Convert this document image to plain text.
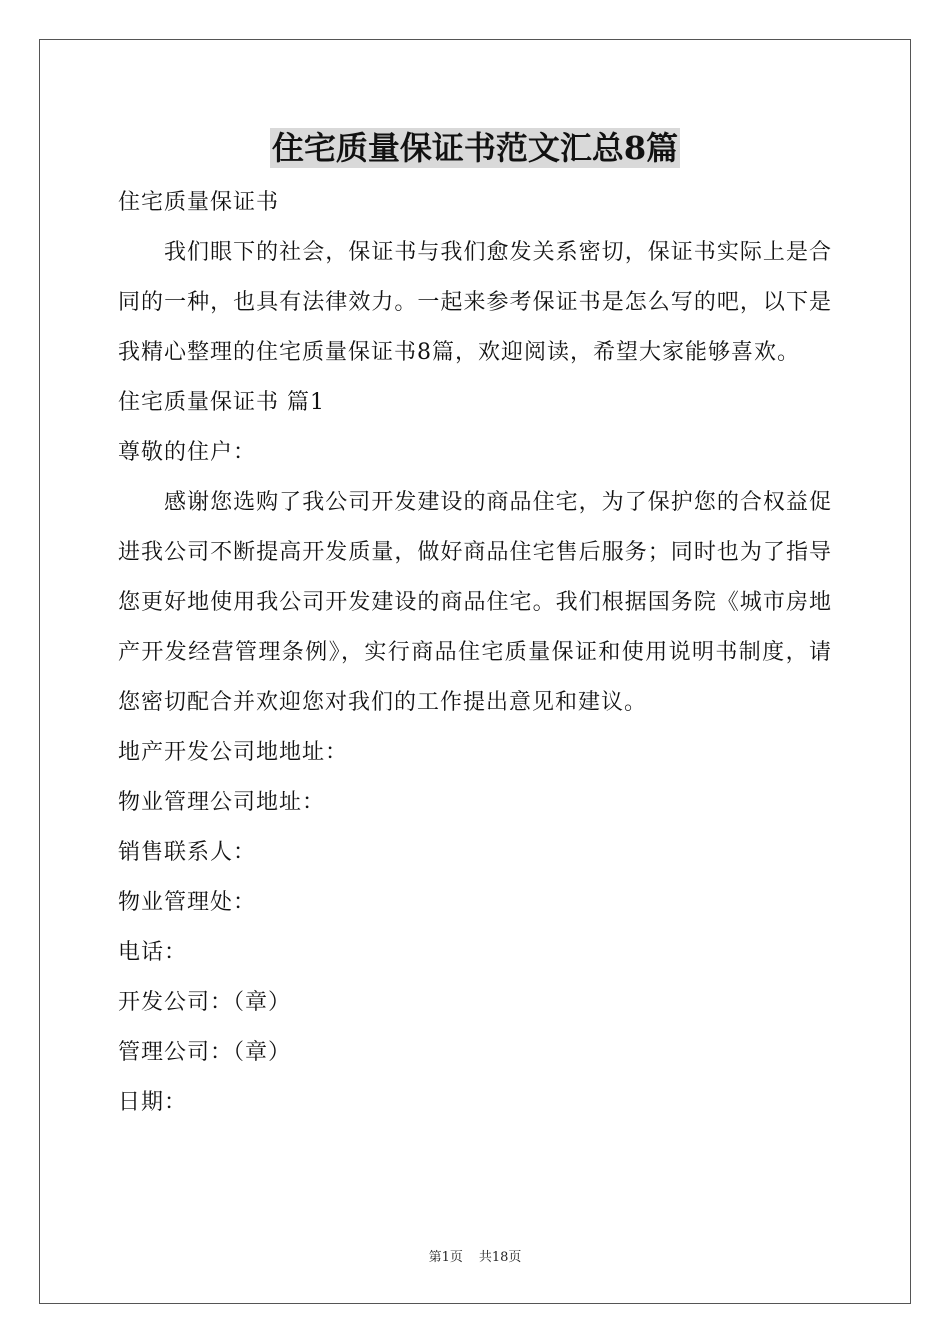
住宅质量保证书范文汇总8篇

住宅质量保证书

我们眼下的社会，保证书与我们愈发关系密切，保证书实际上是合同的一种，也具有法律效力。一起来参考保证书是怎么写的吧，以下是我精心整理的住宅质量保证书8篇，欢迎阅读，希望大家能够喜欢。

住宅质量保证书 篇1

尊敬的住户：

感谢您选购了我公司开发建设的商品住宅，为了保护您的合权益促进我公司不断提高开发质量，做好商品住宅售后服务；同时也为了指导您更好地使用我公司开发建设的商品住宅。我们根据国务院《城市房地产开发经营管理条例》，实行商品住宅质量保证和使用说明书制度，请您密切配合并欢迎您对我们的工作提出意见和建议。

地产开发公司地地址：

物业管理公司地址：

销售联系人：

物业管理处：

电话：

开发公司：（章）

管理公司：（章）

日期：

第1页 共18页
